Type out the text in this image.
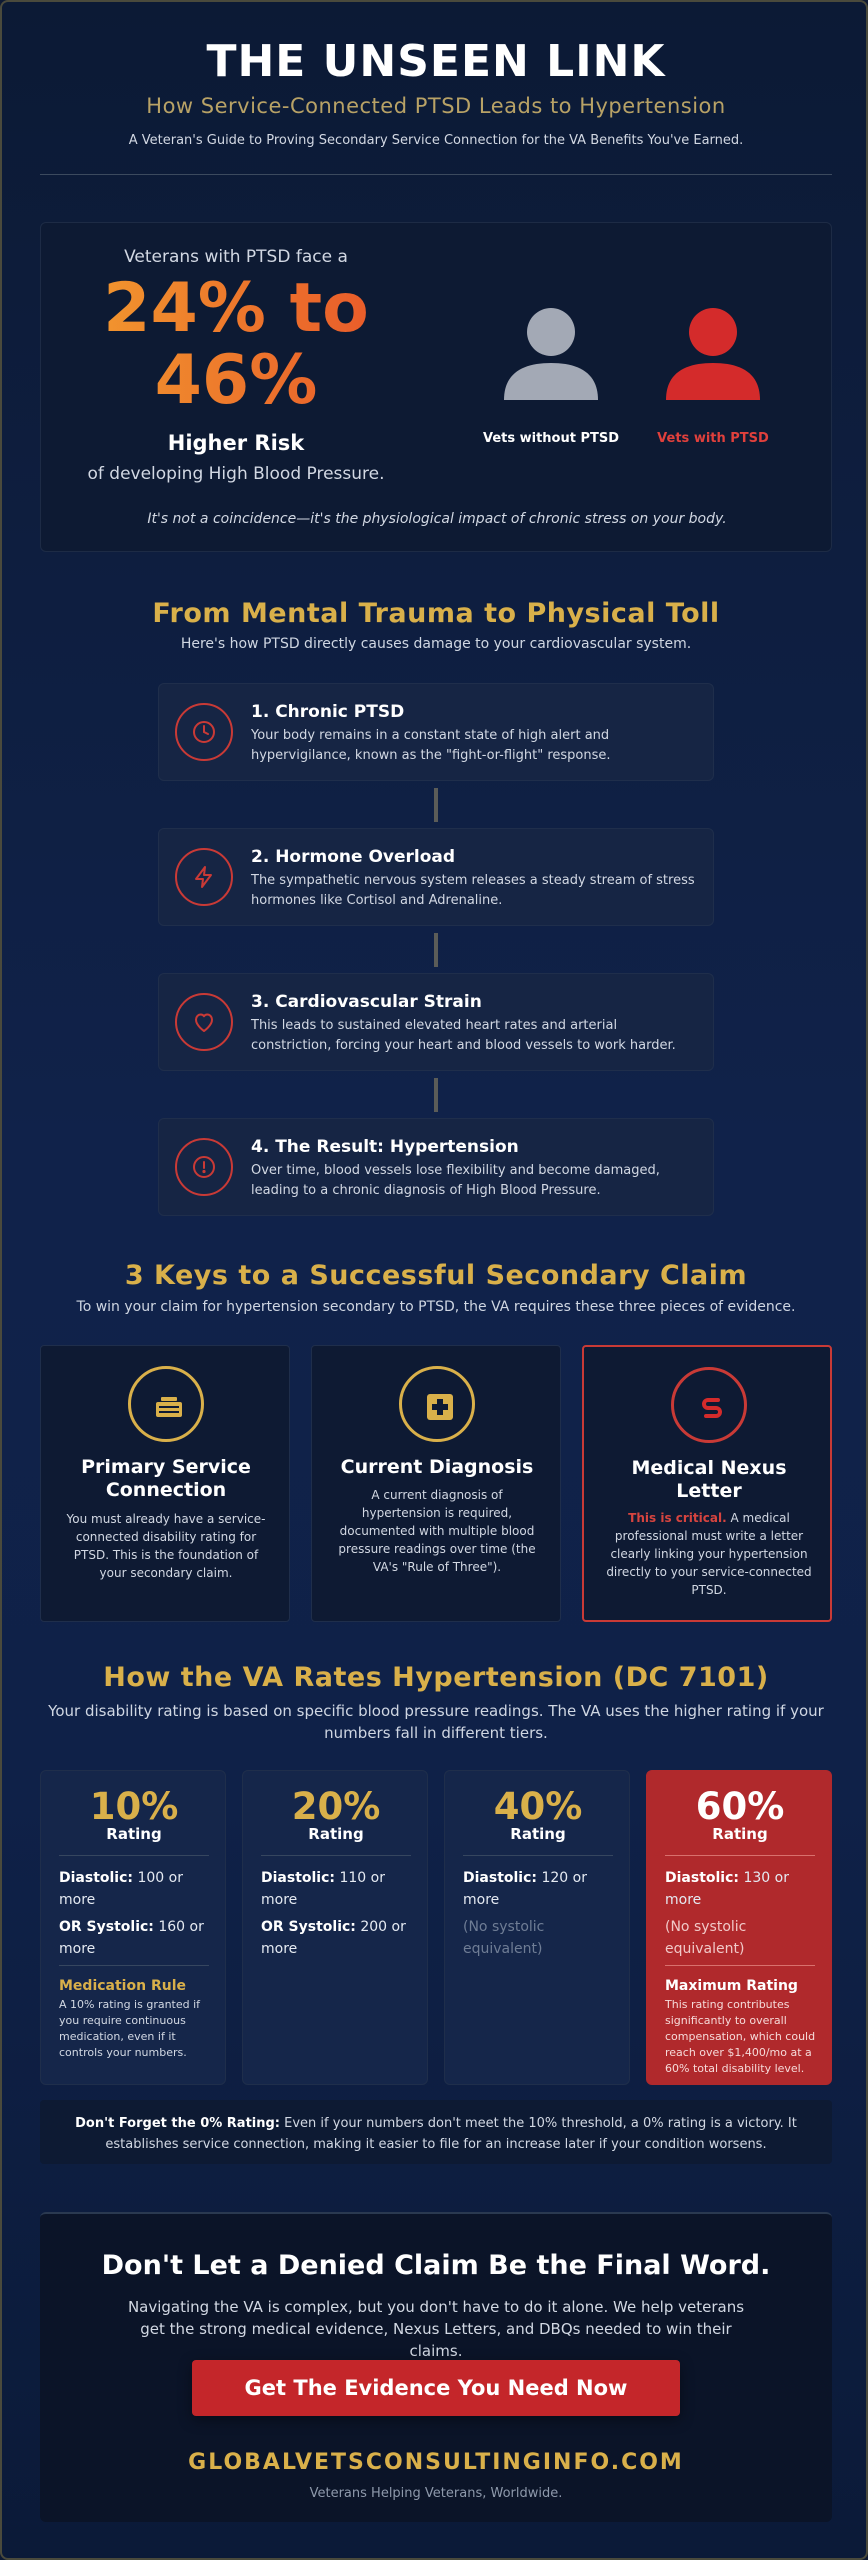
THE UNSEEN LINK
How Service-Connected PTSD Leads to Hypertension
A Veteran's Guide to Proving Secondary Service Connection for the VA Benefits You've Earned.
Veterans with PTSD face a
24% to
46%
Higher Risk
of developing High Blood Pressure.
Vets without PTSD	Vets with PTSD
It's not a coincidence—it's the physiological impact of chronic stress on your body.
From Mental Trauma to Physical Toll
Here's how PTSD directly causes damage to your cardiovascular system.
1. Chronic PTSD
Your body remains in a constant state of high alert and hypervigilance, known as the "fight-or-flight" response.
2. Hormone Overload
The sympathetic nervous system releases a steady stream of stress hormones like Cortisol and Adrenaline.
3. Cardiovascular Strain
This leads to sustained elevated heart rates and arterial constriction, forcing your heart and blood vessels to work harder.
4. The Result: Hypertension
Over time, blood vessels lose flexibility and become damaged, leading to a chronic diagnosis of High Blood Pressure.
3 Keys to a Successful Secondary Claim
To win your claim for hypertension secondary to PTSD, the VA requires these three pieces of evidence.
Primary Service
Connection
You must already have a service-connected disability rating for PTSD. This is the foundation of your secondary claim.
Current Diagnosis
A current diagnosis of hypertension is required, documented with multiple blood pressure readings over time (the VA's "Rule of Three").
Medical Nexus
Letter
This is critical. A medical professional must write a letter clearly linking your hypertension directly to your service-connected PTSD.
How the VA Rates Hypertension (DC 7101)
Your disability rating is based on specific blood pressure readings. The VA uses the higher rating if your
numbers fall in different tiers.
10%
Rating
Diastolic: 100 or more
OR Systolic: 160 or more
Medication Rule
A 10% rating is granted if you require continuous medication, even if it controls your numbers.
20%
Rating
Diastolic: 110 or more
OR Systolic: 200 or more
40%
Rating
Diastolic: 120 or more
(No systolic equivalent)
60%
Rating
Diastolic: 130 or more
(No systolic equivalent)
Maximum Rating
This rating contributes significantly to overall compensation, which could reach over $1,400/mo at a 60% total disability level.
Don't Forget the 0% Rating: Even if your numbers don't meet the 10% threshold, a 0% rating is a victory. It establishes service connection, making it easier to file for an increase later if your condition worsens.
Don't Let a Denied Claim Be the Final Word.
Navigating the VA is complex, but you don't have to do it alone. We help veterans get the strong medical evidence, Nexus Letters, and DBQs needed to win their claims.
Get The Evidence You Need Now
GLOBALVETSCONSULTINGINFO.COM
Veterans Helping Veterans, Worldwide.
